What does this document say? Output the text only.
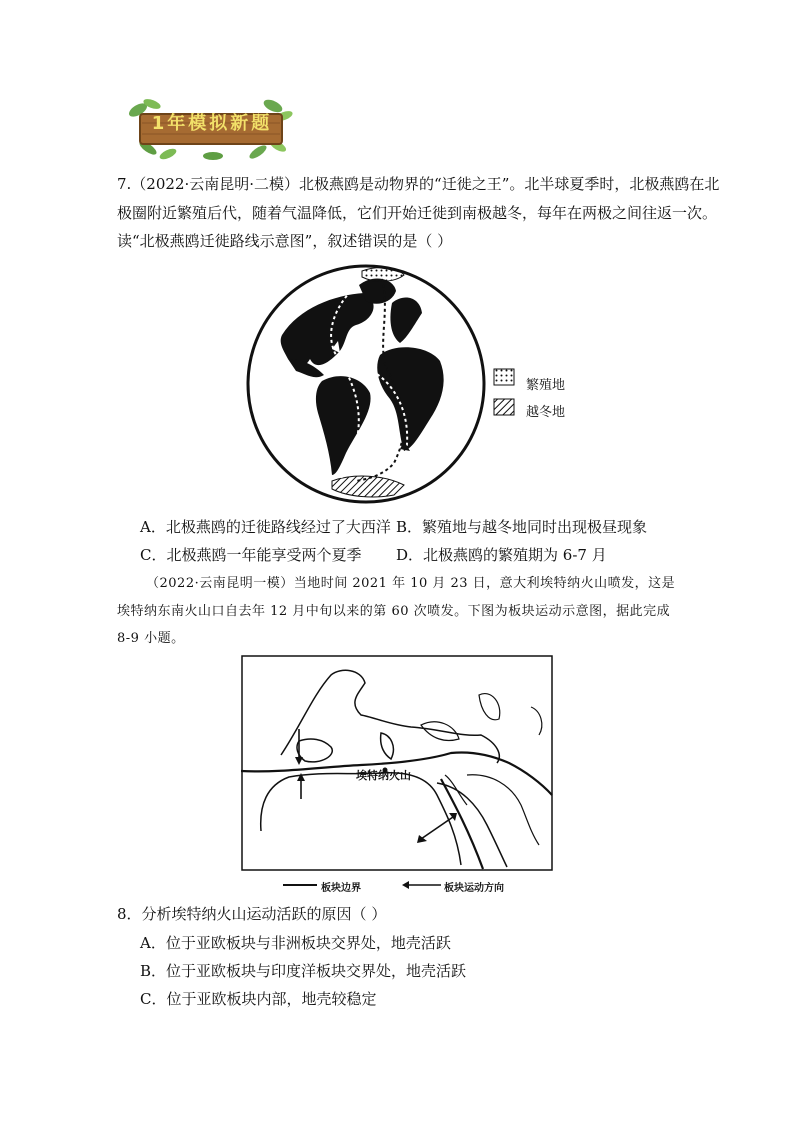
1年模拟新题
7.（2022·云南昆明·二模）北极燕鸥是动物界的“迁徙之王”。北半球夏季时，北极燕鸥在北
极圈附近繁殖后代，随着气温降低，它们开始迁徙到南极越冬，每年在两极之间往返一次。
读“北极燕鸥迁徙路线示意图”，叙述错误的是（ ）
繁殖地
越冬地
A．北极燕鸥的迁徙路线经过了大西洋 B．繁殖地与越冬地同时出现极昼现象
C．北极燕鸥一年能享受两个夏季 D．北极燕鸥的繁殖期为 6-7 月
（2022·云南昆明一模）当地时间 2021 年 10 月 23 日，意大利埃特纳火山喷发，这是
埃特纳东南火山口自去年 12 月中旬以来的第 60 次喷发。下图为板块运动示意图，据此完成
8-9 小题。
埃特纳火山
板块边界	板块运动方向
8．分析埃特纳火山运动活跃的原因（ ）
A．位于亚欧板块与非洲板块交界处，地壳活跃
B．位于亚欧板块与印度洋板块交界处，地壳活跃
C．位于亚欧板块内部，地壳较稳定
